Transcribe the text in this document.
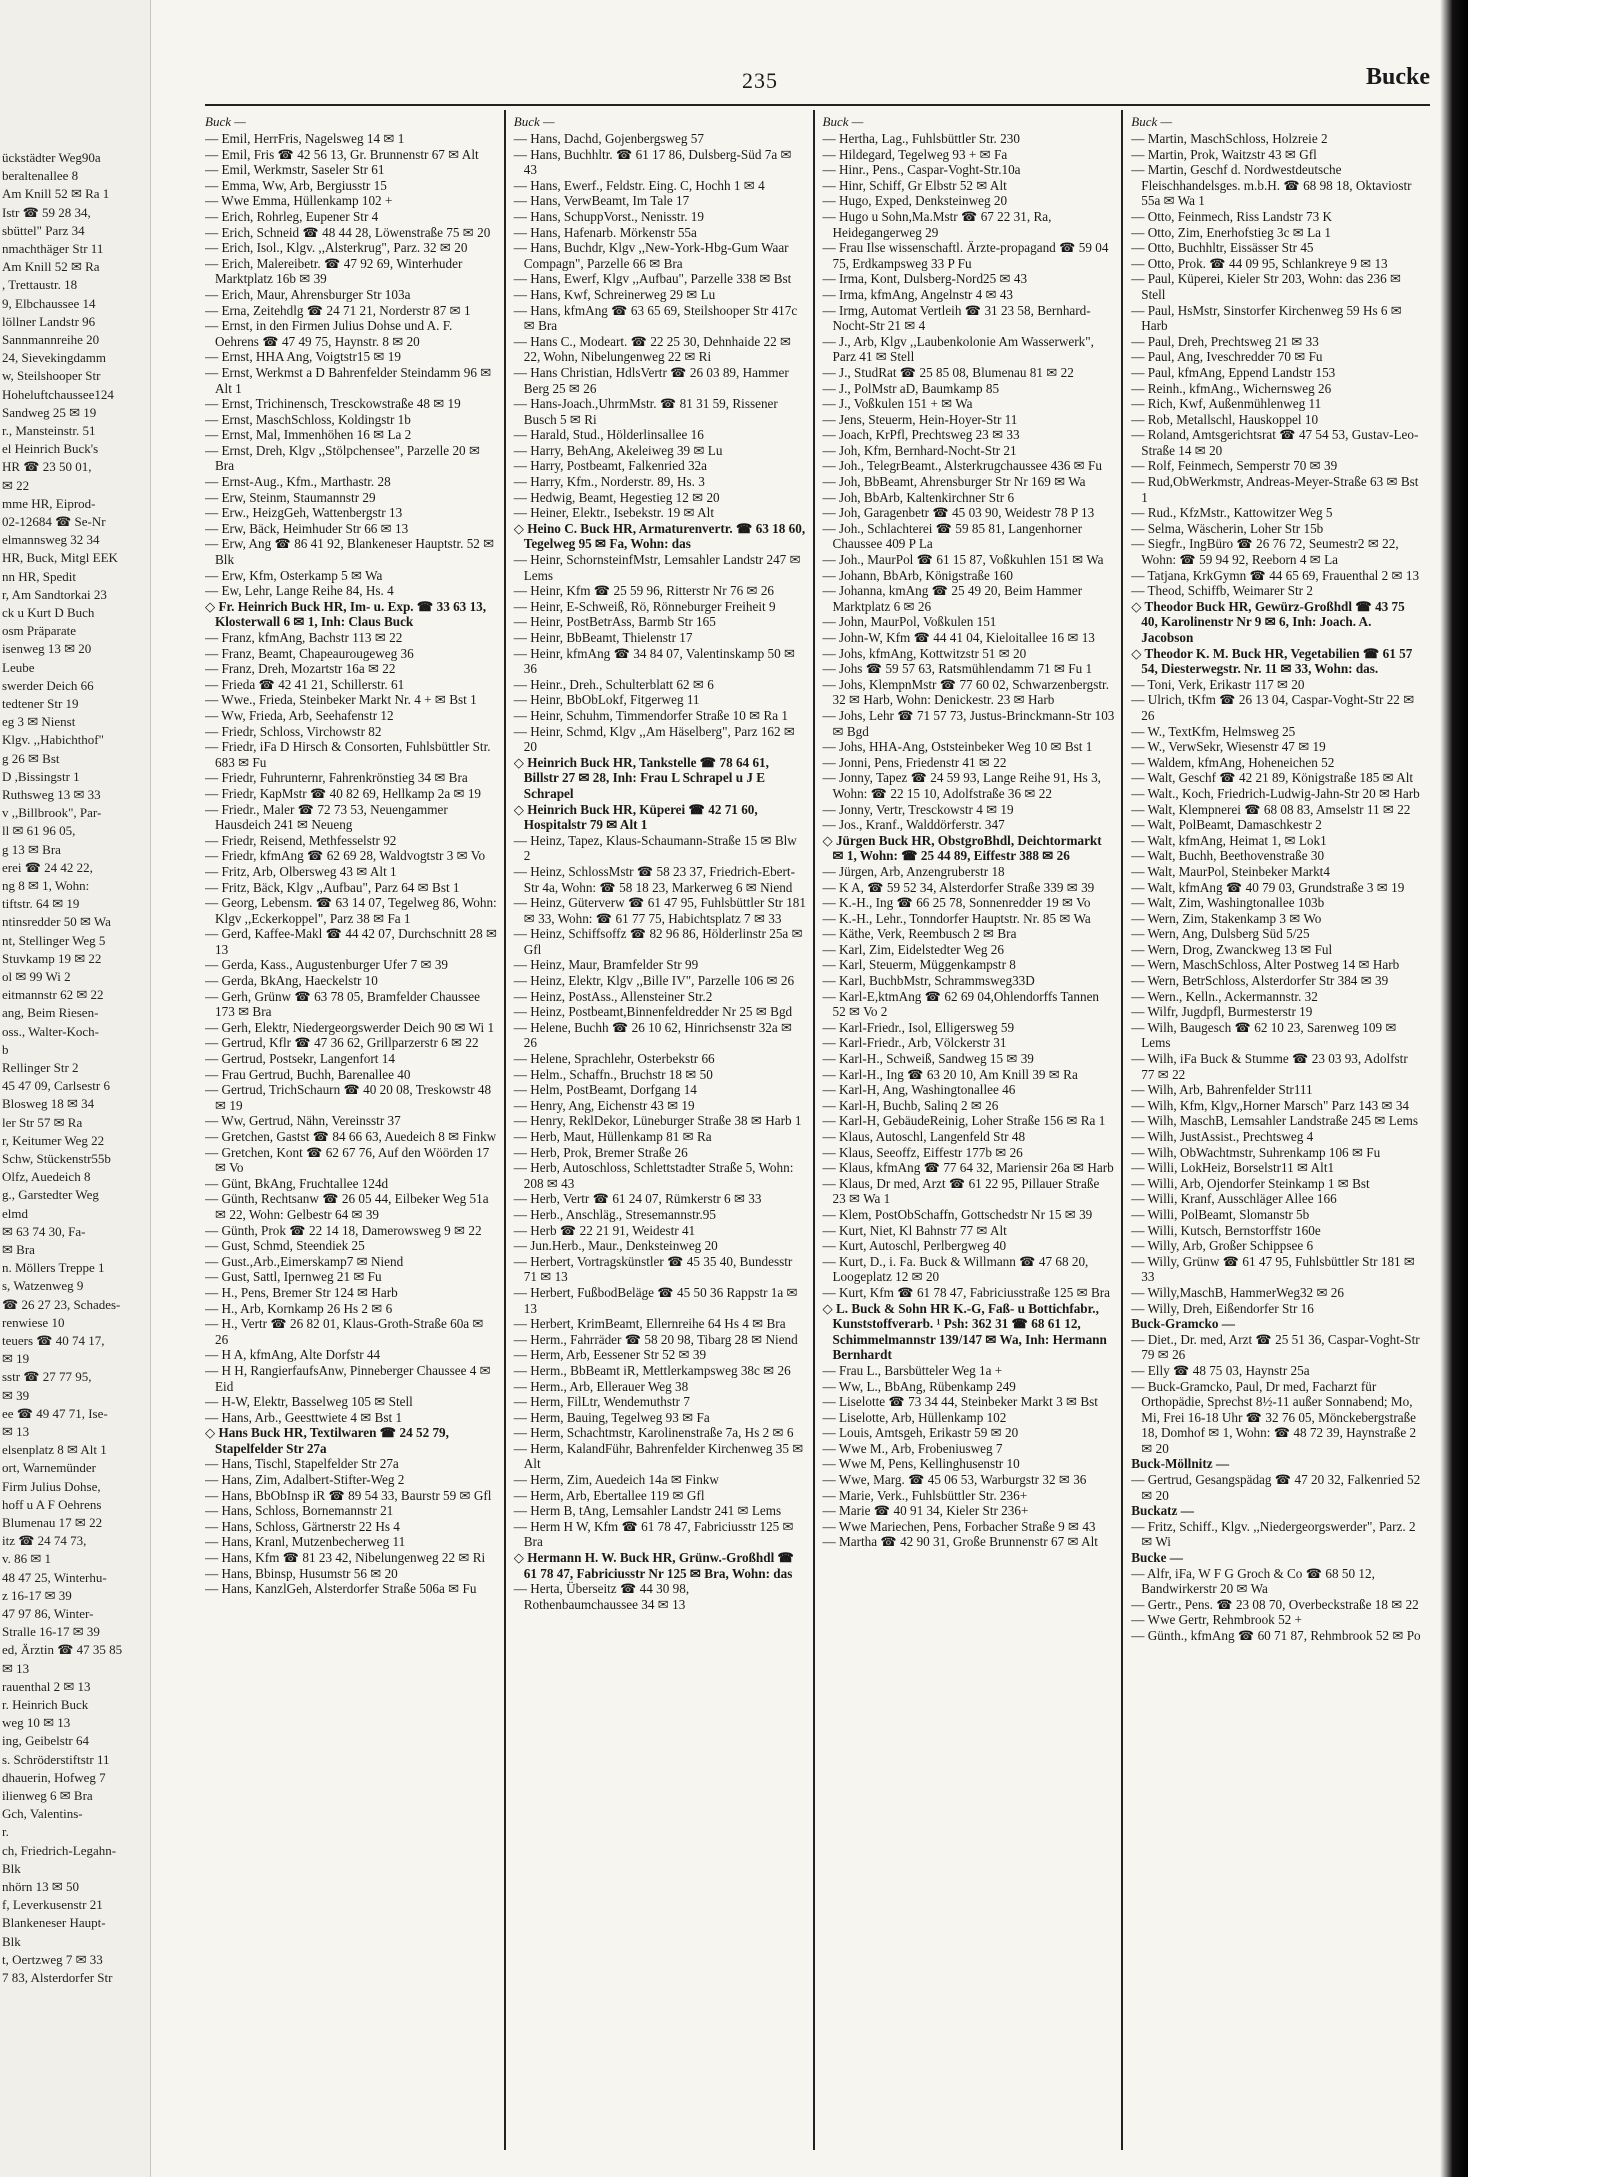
ückstädter Weg90a
beraltenallee 8
Am Knill 52 ✉ Ra 1
Istr ☎ 59 28 34,
sbüttel" Parz 34
nmachthäger Str 11
Am Knill 52 ✉ Ra
, Trettaustr. 18
9, Elbchaussee 14
löllner Landstr 96
Sannmannreihe 20
24, Sievekingdamm
w, Steilshooper Str
Hoheluftchaussee124
Sandweg 25 ✉ 19
r., Mansteinstr. 51
el Heinrich Buck's
HR ☎ 23 50 01,
✉ 22
mme HR, Eiprod-
02-12684 ☎ Se-Nr
elmannsweg 32 34
HR, Buck, Mitgl EEK
nn HR, Spedit
r, Am Sandtorkai 23
ck u Kurt D Buch
osm Präparate
isenweg 13 ✉ 20
Leube
swerder Deich 66
tedtener Str 19
eg 3 ✉ Nienst
Klgv. ,,Habichthof"
g 26 ✉ Bst
D ,Bissingstr 1
Ruthsweg 13 ✉ 33
v ,,Billbrook", Par-
ll ✉ 61 96 05,
g 13 ✉ Bra
erei ☎ 24 42 22,
ng 8 ✉ 1, Wohn:
tiftstr. 64 ✉ 19
ntinsredder 50 ✉ Wa
nt, Stellinger Weg 5
Stuvkamp 19 ✉ 22
ol ✉ 99 Wi 2
eitmannstr 62 ✉ 22
ang, Beim Riesen-
oss., Walter-Koch-
b
Rellinger Str 2
45 47 09, Carlsestr 6
Blosweg 18 ✉ 34
ler Str 57 ✉ Ra
r, Keitumer Weg 22
Schw, Stückenstr55b
Olfz, Auedeich 8
g., Garstedter Weg
elmd
✉ 63 74 30, Fa-
✉ Bra
n. Möllers Treppe 1
s, Watzenweg 9
☎ 26 27 23, Schades-
renwiese 10
teuers ☎ 40 74 17,
✉ 19
sstr ☎ 27 77 95,
✉ 39
ee ☎ 49 47 71, Ise-
✉ 13
elsenplatz 8 ✉ Alt 1
ort, Warnemünder
Firm Julius Dohse,
hoff u A F Oehrens
Blumenau 17 ✉ 22
itz ☎ 24 74 73,
v. 86 ✉ 1
48 47 25, Winterhu-
z 16-17 ✉ 39
47 97 86, Winter-
Stralle 16-17 ✉ 39
ed, Ärztin ☎ 47 35 85
✉ 13
rauenthal 2 ✉ 13
r. Heinrich Buck
weg 10 ✉ 13
ing, Geibelstr 64
s. Schröderstiftstr 11
dhauerin, Hofweg 7
ilienweg 6 ✉ Bra
Gch, Valentins-
r.
ch, Friedrich-Legahn-
Blk
nhörn 13 ✉ 50
f, Leverkusenstr 21
Blankeneser Haupt-
Blk
t, Oertzweg 7 ✉ 33
7 83, Alsterdorfer Str
235	Bucke
Buck —

— Emil, HerrFris, Nagelsweg 14 ✉ 1

— Emil, Fris ☎ 42 56 13, Gr. Brunnenstr 67 ✉ Alt

— Emil, Werkmstr, Saseler Str 61

— Emma, Ww, Arb, Bergiusstr 15

— Wwe Emma, Hüllenkamp 102 +

— Erich, Rohrleg, Eupener Str 4

— Erich, Schneid ☎ 48 44 28, Löwenstraße 75 ✉ 20

— Erich, Isol., Klgv. ,,Alsterkrug", Parz. 32 ✉ 20

— Erich, Malereibetr. ☎ 47 92 69, Winterhuder Marktplatz 16b ✉ 39

— Erich, Maur, Ahrensburger Str 103a

— Erna, Zeitehdlg ☎ 24 71 21, Norderstr 87 ✉ 1

— Ernst, in den Firmen Julius Dohse und A. F. Oehrens ☎ 47 49 75, Haynstr. 8 ✉ 20

— Ernst, HHA Ang, Voigtstr15 ✉ 19

— Ernst, Werkmst a D Bahrenfelder Steindamm 96 ✉ Alt 1

— Ernst, Trichinensch, Tresckowstraße 48 ✉ 19

— Ernst, MaschSchloss, Koldingstr 1b

— Ernst, Mal, Immenhöhen 16 ✉ La 2

— Ernst, Dreh, Klgv ,,Stölpchensee", Parzelle 20 ✉ Bra

— Ernst-Aug., Kfm., Marthastr. 28

— Erw, Steinm, Staumannstr 29

— Erw., HeizgGeh, Wattenbergstr 13

— Erw, Bäck, Heimhuder Str 66 ✉ 13

— Erw, Ang ☎ 86 41 92, Blankeneser Hauptstr. 52 ✉ Blk

— Erw, Kfm, Osterkamp 5 ✉ Wa

— Ew, Lehr, Lange Reihe 84, Hs. 4

◇ Fr. Heinrich Buck HR, Im- u. Exp. ☎ 33 63 13, Klosterwall 6 ✉ 1, Inh: Claus Buck

— Franz, kfmAng, Bachstr 113 ✉ 22

— Franz, Beamt, Chapeaurougeweg 36

— Franz, Dreh, Mozartstr 16a ✉ 22

— Frieda ☎ 42 41 21, Schillerstr. 61

— Wwe., Frieda, Steinbeker Markt Nr. 4 + ✉ Bst 1

— Ww, Frieda, Arb, Seehafenstr 12

— Friedr, Schloss, Virchowstr 82

— Friedr, iFa D Hirsch & Consorten, Fuhlsbüttler Str. 683 ✉ Fu

— Friedr, Fuhrunternr, Fahrenkrönstieg 34 ✉ Bra

— Friedr, KapMstr ☎ 40 82 69, Hellkamp 2a ✉ 19

— Friedr., Maler ☎ 72 73 53, Neuengammer Hausdeich 241 ✉ Neueng

— Friedr, Reisend, Methfesselstr 92

— Friedr, kfmAng ☎ 62 69 28, Waldvogtstr 3 ✉ Vo

— Fritz, Arb, Olbersweg 43 ✉ Alt 1

— Fritz, Bäck, Klgv ,,Aufbau", Parz 64 ✉ Bst 1

— Georg, Lebensm. ☎ 63 14 07, Tegelweg 86, Wohn: Klgv ,,Eckerkoppel", Parz 38 ✉ Fa 1

— Gerd, Kaffee-Makl ☎ 44 42 07, Durchschnitt 28 ✉ 13

— Gerda, Kass., Augustenburger Ufer 7 ✉ 39

— Gerda, BkAng, Haeckelstr 10

— Gerh, Grünw ☎ 63 78 05, Bramfelder Chaussee 173 ✉ Bra

— Gerh, Elektr, Niedergeorgswerder Deich 90 ✉ Wi 1

— Gertrud, Kflr ☎ 47 36 62, Grillparzerstr 6 ✉ 22

— Gertrud, Postsekr, Langenfort 14

— Frau Gertrud, Buchh, Barenallee 40

— Gertrud, TrichSchaurn ☎ 40 20 08, Treskowstr 48 ✉ 19

— Ww, Gertrud, Nähn, Vereinsstr 37

— Gretchen, Gastst ☎ 84 66 63, Auedeich 8 ✉ Finkw

— Gretchen, Kont ☎ 62 67 76, Auf den Wöörden 17 ✉ Vo

— Günt, BkAng, Fruchtallee 124d

— Günth, Rechtsanw ☎ 26 05 44, Eilbeker Weg 51a ✉ 22, Wohn: Gelbestr 64 ✉ 39

— Günth, Prok ☎ 22 14 18, Damerowsweg 9 ✉ 22

— Gust, Schmd, Steendiek 25

— Gust.,Arb.,Eimerskamp7 ✉ Niend

— Gust, Sattl, Ipernweg 21 ✉ Fu

— H., Pens, Bremer Str 124 ✉ Harb

— H., Arb, Kornkamp 26 Hs 2 ✉ 6

— H., Vertr ☎ 26 82 01, Klaus-Groth-Straße 60a ✉ 26

— H A, kfmAng, Alte Dorfstr 44

— H H, RangierfaufsAnw, Pinneberger Chaussee 4 ✉ Eid

— H-W, Elektr, Basselweg 105 ✉ Stell

— Hans, Arb., Geesttwiete 4 ✉ Bst 1

◇ Hans Buck HR, Textilwaren ☎ 24 52 79, Stapelfelder Str 27a

— Hans, Tischl, Stapelfelder Str 27a

— Hans, Zim, Adalbert-Stifter-Weg 2

— Hans, BbObInsp iR ☎ 89 54 33, Baurstr 59 ✉ Gfl

— Hans, Schloss, Bornemannstr 21

— Hans, Schloss, Gärtnerstr 22 Hs 4

— Hans, Kranl, Mutzenbecherweg 11

— Hans, Kfm ☎ 81 23 42, Nibelungenweg 22 ✉ Ri

— Hans, Bbinsp, Husumstr 56 ✉ 20

— Hans, KanzlGeh, Alsterdorfer Straße 506a ✉ Fu

Buck —

— Hans, Dachd, Gojenbergsweg 57

— Hans, Buchhltr. ☎ 61 17 86, Dulsberg-Süd 7a ✉ 43

— Hans, Ewerf., Feldstr. Eing. C, Hochh 1 ✉ 4

— Hans, VerwBeamt, Im Tale 17

— Hans, SchuppVorst., Nenisstr. 19

— Hans, Hafenarb. Mörkenstr 55a

— Hans, Buchdr, Klgv ,,New-York-Hbg-Gum Waar Compagn", Parzelle 66 ✉ Bra

— Hans, Ewerf, Klgv ,,Aufbau", Parzelle 338 ✉ Bst

— Hans, Kwf, Schreinerweg 29 ✉ Lu

— Hans, kfmAng ☎ 63 65 69, Steilshooper Str 417c ✉ Bra

— Hans C., Modeart. ☎ 22 25 30, Dehnhaide 22 ✉ 22, Wohn, Nibelungenweg 22 ✉ Ri

— Hans Christian, HdlsVertr ☎ 26 03 89, Hammer Berg 25 ✉ 26

— Hans-Joach.,UhrmMstr. ☎ 81 31 59, Rissener Busch 5 ✉ Ri

— Harald, Stud., Hölderlinsallee 16

— Harry, BehAng, Akeleiweg 39 ✉ Lu

— Harry, Postbeamt, Falkenried 32a

— Harry, Kfm., Norderstr. 89, Hs. 3

— Hedwig, Beamt, Hegestieg 12 ✉ 20

— Heiner, Elektr., Isebekstr. 19 ✉ Alt

◇ Heino C. Buck HR, Armaturenvertr. ☎ 63 18 60, Tegelweg 95 ✉ Fa, Wohn: das

— Heinr, SchornsteinfMstr, Lemsahler Landstr 247 ✉ Lems

— Heinr, Kfm ☎ 25 59 96, Ritterstr Nr 76 ✉ 26

— Heinr, E-Schweiß, Rö, Rönneburger Freiheit 9

— Heinr, PostBetrAss, Barmb Str 165

— Heinr, BbBeamt, Thielenstr 17

— Heinr, kfmAng ☎ 34 84 07, Valentinskamp 50 ✉ 36

— Heinr., Dreh., Schulterblatt 62 ✉ 6

— Heinr, BbObLokf, Fitgerweg 11

— Heinr, Schuhm, Timmendorfer Straße 10 ✉ Ra 1

— Heinr, Schmd, Klgv ,,Am Häselberg", Parz 162 ✉ 20

◇ Heinrich Buck HR, Tankstelle ☎ 78 64 61, Billstr 27 ✉ 28, Inh: Frau L Schrapel u J E Schrapel

◇ Heinrich Buck HR, Küperei ☎ 42 71 60, Hospitalstr 79 ✉ Alt 1

— Heinz, Tapez, Klaus-Schaumann-Straße 15 ✉ Blw 2

— Heinz, SchlossMstr ☎ 58 23 37, Friedrich-Ebert-Str 4a, Wohn: ☎ 58 18 23, Markerweg 6 ✉ Niend

— Heinz, Güterverw ☎ 61 47 95, Fuhlsbüttler Str 181 ✉ 33, Wohn: ☎ 61 77 75, Habichtsplatz 7 ✉ 33

— Heinz, Schiffsoffz ☎ 82 96 86, Hölderlinstr 25a ✉ Gfl

— Heinz, Maur, Bramfelder Str 99

— Heinz, Elektr, Klgv ,,Bille IV", Parzelle 106 ✉ 26

— Heinz, PostAss., Allensteiner Str.2

— Heinz, Postbeamt,Binnenfeldredder Nr 25 ✉ Bgd

— Helene, Buchh ☎ 26 10 62, Hinrichsenstr 32a ✉ 26

— Helene, Sprachlehr, Osterbekstr 66

— Helm., Schaffn., Bruchstr 18 ✉ 50

— Helm, PostBeamt, Dorfgang 14

— Henry, Ang, Eichenstr 43 ✉ 19

— Henry, ReklDekor, Lüneburger Straße 38 ✉ Harb 1

— Herb, Maut, Hüllenkamp 81 ✉ Ra

— Herb, Prok, Bremer Straße 26

— Herb, Autoschloss, Schlettstadter Straße 5, Wohn: 208 ✉ 43

— Herb, Vertr ☎ 61 24 07, Rümkerstr 6 ✉ 33

— Herb., Anschläg., Stresemannstr.95

— Herb ☎ 22 21 91, Weidestr 41

— Jun.Herb., Maur., Denksteinweg 20

— Herbert, Vortragskünstler ☎ 45 35 40, Bundesstr 71 ✉ 13

— Herbert, FußbodBeläge ☎ 45 50 36 Rappstr 1a ✉ 13

— Herbert, KrimBeamt, Ellernreihe 64 Hs 4 ✉ Bra

— Herm., Fahrräder ☎ 58 20 98, Tibarg 28 ✉ Niend

— Herm, Arb, Eessener Str 52 ✉ 39

— Herm., BbBeamt iR, Mettlerkampsweg 38c ✉ 26

— Herm., Arb, Ellerauer Weg 38

— Herm, FilLtr, Wendemuthstr 7

— Herm, Bauing, Tegelweg 93 ✉ Fa

— Herm, Schachtmstr, Karolinenstraße 7a, Hs 2 ✉ 6

— Herm, KalandFühr, Bahrenfelder Kirchenweg 35 ✉ Alt

— Herm, Zim, Auedeich 14a ✉ Finkw

— Herm, Arb, Ebertallee 119 ✉ Gfl

— Herm B, tAng, Lemsahler Landstr 241 ✉ Lems

— Herm H W, Kfm ☎ 61 78 47, Fabriciusstr 125 ✉ Bra

◇ Hermann H. W. Buck HR, Grünw.-Großhdl ☎ 61 78 47, Fabriciusstr Nr 125 ✉ Bra, Wohn: das

— Herta, Überseitz ☎ 44 30 98, Rothenbaumchaussee 34 ✉ 13

Buck —

— Hertha, Lag., Fuhlsbüttler Str. 230

— Hildegard, Tegelweg 93 + ✉ Fa

— Hinr., Pens., Caspar-Voght-Str.10a

— Hinr, Schiff, Gr Elbstr 52 ✉ Alt

— Hugo, Exped, Denksteinweg 20

— Hugo u Sohn,Ma.Mstr ☎ 67 22 31, Ra, Heidegangerweg 29

— Frau Ilse wissenschaftl. Ärzte-propagand ☎ 59 04 75, Erdkampsweg 33 P Fu

— Irma, Kont, Dulsberg-Nord25 ✉ 43

— Irma, kfmAng, Angelnstr 4 ✉ 43

— Irmg, Automat Vertleih ☎ 31 23 58, Bernhard-Nocht-Str 21 ✉ 4

— J., Arb, Klgv ,,Laubenkolonie Am Wasserwerk", Parz 41 ✉ Stell

— J., StudRat ☎ 25 85 08, Blumenau 81 ✉ 22

— J., PolMstr aD, Baumkamp 85

— J., Voßkulen 151 + ✉ Wa

— Jens, Steuerm, Hein-Hoyer-Str 11

— Joach, KrPfl, Prechtsweg 23 ✉ 33

— Joh, Kfm, Bernhard-Nocht-Str 21

— Joh., TelegrBeamt., Alsterkrugchaussee 436 ✉ Fu

— Joh, BbBeamt, Ahrensburger Str Nr 169 ✉ Wa

— Joh, BbArb, Kaltenkirchner Str 6

— Joh, Garagenbetr ☎ 45 03 90, Weidestr 78 P 13

— Joh., Schlachterei ☎ 59 85 81, Langenhorner Chaussee 409 P La

— Joh., MaurPol ☎ 61 15 87, Voßkuhlen 151 ✉ Wa

— Johann, BbArb, Königstraße 160

— Johanna, kmAng ☎ 25 49 20, Beim Hammer Marktplatz 6 ✉ 26

— John, MaurPol, Voßkulen 151

— John-W, Kfm ☎ 44 41 04, Kieloitallee 16 ✉ 13

— Johs, kfmAng, Kottwitzstr 51 ✉ 20

— Johs ☎ 59 57 63, Ratsmühlendamm 71 ✉ Fu 1

— Johs, KlempnMstr ☎ 77 60 02, Schwarzenbergstr. 32 ✉ Harb, Wohn: Denickestr. 23 ✉ Harb

— Johs, Lehr ☎ 71 57 73, Justus-Brinckmann-Str 103 ✉ Bgd

— Johs, HHA-Ang, Oststeinbeker Weg 10 ✉ Bst 1

— Jonni, Pens, Friedenstr 41 ✉ 22

— Jonny, Tapez ☎ 24 59 93, Lange Reihe 91, Hs 3, Wohn: ☎ 22 15 10, Adolfstraße 36 ✉ 22

— Jonny, Vertr, Tresckowstr 4 ✉ 19

— Jos., Kranf., Walddörferstr. 347

◇ Jürgen Buck HR, ObstgroBhdl, Deichtormarkt ✉ 1, Wohn: ☎ 25 44 89, Eiffestr 388 ✉ 26

— Jürgen, Arb, Anzengruberstr 18

— K A, ☎ 59 52 34, Alsterdorfer Straße 339 ✉ 39

— K.-H., Ing ☎ 66 25 78, Sonnenredder 19 ✉ Vo

— K.-H., Lehr., Tonndorfer Hauptstr. Nr. 85 ✉ Wa

— Käthe, Verk, Reembusch 2 ✉ Bra

— Karl, Zim, Eidelstedter Weg 26

— Karl, Steuerm, Müggenkampstr 8

— Karl, BuchbMstr, Schrammsweg33D

— Karl-E,ktmAng ☎ 62 69 04,Ohlendorffs Tannen 52 ✉ Vo 2

— Karl-Friedr., Isol, Elligersweg 59

— Karl-Friedr., Arb, Völckerstr 31

— Karl-H., Schweiß, Sandweg 15 ✉ 39

— Karl-H., Ing ☎ 63 20 10, Am Knill 39 ✉ Ra

— Karl-H, Ang, Washingtonallee 46

— Karl-H, Buchb, Salinq 2 ✉ 26

— Karl-H, GebäudeReinig, Loher Straße 156 ✉ Ra 1

— Klaus, Autoschl, Langenfeld Str 48

— Klaus, Seeoffz, Eiffestr 177b ✉ 26

— Klaus, kfmAng ☎ 77 64 32, Mariensir 26a ✉ Harb

— Klaus, Dr med, Arzt ☎ 61 22 95, Pillauer Straße 23 ✉ Wa 1

— Klem, PostObSchaffn, Gottschedstr Nr 15 ✉ 39

— Kurt, Niet, Kl Bahnstr 77 ✉ Alt

— Kurt, Autoschl, Perlbergweg 40

— Kurt, D., i. Fa. Buck & Willmann ☎ 47 68 20, Loogeplatz 12 ✉ 20

— Kurt, Kfm ☎ 61 78 47, Fabriciusstraße 125 ✉ Bra

◇ L. Buck & Sohn HR K.-G, Faß- u Bottichfabr., Kunststoffverarb. ¹ Psh: 362 31 ☎ 68 61 12, Schimmelmannstr 139/147 ✉ Wa, Inh: Hermann Bernhardt

— Frau L., Barsbütteler Weg 1a +

— Ww, L., BbAng, Rübenkamp 249

— Liselotte ☎ 73 34 44, Steinbeker Markt 3 ✉ Bst

— Liselotte, Arb, Hüllenkamp 102

— Louis, Amtsgeh, Erikastr 59 ✉ 20

— Wwe M., Arb, Frobeniusweg 7

— Wwe M, Pens, Kellinghusenstr 10

— Wwe, Marg. ☎ 45 06 53, Warburgstr 32 ✉ 36

— Marie, Verk., Fuhlsbüttler Str. 236+

— Marie ☎ 40 91 34, Kieler Str 236+

— Wwe Mariechen, Pens, Forbacher Straße 9 ✉ 43

— Martha ☎ 42 90 31, Große Brunnenstr 67 ✉ Alt

Buck —

— Martin, MaschSchloss, Holzreie 2

— Martin, Prok, Waitzstr 43 ✉ Gfl

— Martin, Geschf d. Nordwestdeutsche Fleischhandelsges. m.b.H. ☎ 68 98 18, Oktaviostr 55a ✉ Wa 1

— Otto, Feinmech, Riss Landstr 73 K

— Otto, Zim, Enerhofstieg 3c ✉ La 1

— Otto, Buchhltr, Eissässer Str 45

— Otto, Prok. ☎ 44 09 95, Schlankreye 9 ✉ 13

— Paul, Küperei, Kieler Str 203, Wohn: das 236 ✉ Stell

— Paul, HsMstr, Sinstorfer Kirchenweg 59 Hs 6 ✉ Harb

— Paul, Dreh, Prechtsweg 21 ✉ 33

— Paul, Ang, Iveschredder 70 ✉ Fu

— Paul, kfmAng, Eppend Landstr 153

— Reinh., kfmAng., Wichernsweg 26

— Rich, Kwf, Außenmühlenweg 11

— Rob, Metallschl, Hauskoppel 10

— Roland, Amtsgerichtsrat ☎ 47 54 53, Gustav-Leo-Straße 14 ✉ 20

— Rolf, Feinmech, Semperstr 70 ✉ 39

— Rud,ObWerkmstr, Andreas-Meyer-Straße 63 ✉ Bst 1

— Rud., KfzMstr., Kattowitzer Weg 5

— Selma, Wäscherin, Loher Str 15b

— Siegfr., IngBüro ☎ 26 76 72, Seumestr2 ✉ 22, Wohn: ☎ 59 94 92, Reeborn 4 ✉ La

— Tatjana, KrkGymn ☎ 44 65 69, Frauenthal 2 ✉ 13

— Theod, Schiffb, Weimarer Str 2

◇ Theodor Buck HR, Gewürz-Großhdl ☎ 43 75 40, Karolinenstr Nr 9 ✉ 6, Inh: Joach. A. Jacobson

◇ Theodor K. M. Buck HR, Vegetabilien ☎ 61 57 54, Diesterwegstr. Nr. 11 ✉ 33, Wohn: das.

— Toni, Verk, Erikastr 117 ✉ 20

— Ulrich, tKfm ☎ 26 13 04, Caspar-Voght-Str 22 ✉ 26

— W., TextKfm, Helmsweg 25

— W., VerwSekr, Wiesenstr 47 ✉ 19

— Waldem, kfmAng, Hoheneichen 52

— Walt, Geschf ☎ 42 21 89, Königstraße 185 ✉ Alt

— Walt., Koch, Friedrich-Ludwig-Jahn-Str 20 ✉ Harb

— Walt, Klempnerei ☎ 68 08 83, Amselstr 11 ✉ 22

— Walt, PolBeamt, Damaschkestr 2

— Walt, kfmAng, Heimat 1, ✉ Lok1

— Walt, Buchh, Beethovenstraße 30

— Walt, MaurPol, Steinbeker Markt4

— Walt, kfmAng ☎ 40 79 03, Grundstraße 3 ✉ 19

— Walt, Zim, Washingtonallee 103b

— Wern, Zim, Stakenkamp 3 ✉ Wo

— Wern, Ang, Dulsberg Süd 5/25

— Wern, Drog, Zwanckweg 13 ✉ Ful

— Wern, MaschSchloss, Alter Postweg 14 ✉ Harb

— Wern, BetrSchloss, Alsterdorfer Str 384 ✉ 39

— Wern., Kelln., Ackermannstr. 32

— Wilfr, Jugdpfl, Burmesterstr 19

— Wilh, Baugesch ☎ 62 10 23, Sarenweg 109 ✉ Lems

— Wilh, iFa Buck & Stumme ☎ 23 03 93, Adolfstr 77 ✉ 22

— Wilh, Arb, Bahrenfelder Str111

— Wilh, Kfm, Klgv,,Horner Marsch" Parz 143 ✉ 34

— Wilh, MaschB, Lemsahler Landstraße 245 ✉ Lems

— Wilh, JustAssist., Prechtsweg 4

— Wilh, ObWachtmstr, Suhrenkamp 106 ✉ Fu

— Willi, LokHeiz, Borselstr11 ✉ Alt1

— Willi, Arb, Ojendorfer Steinkamp 1 ✉ Bst

— Willi, Kranf, Ausschläger Allee 166

— Willi, PolBeamt, Slomanstr 5b

— Willi, Kutsch, Bernstorffstr 160e

— Willy, Arb, Großer Schippsee 6

— Willy, Grünw ☎ 61 47 95, Fuhlsbüttler Str 181 ✉ 33

— Willy,MaschB, HammerWeg32 ✉ 26

— Willy, Dreh, Eißendorfer Str 16

Buck-Gramcko —

— Diet., Dr. med, Arzt ☎ 25 51 36, Caspar-Voght-Str 79 ✉ 26

— Elly ☎ 48 75 03, Haynstr 25a

— Buck-Gramcko, Paul, Dr med, Facharzt für Orthopädie, Sprechst 8½-11 außer Sonnabend; Mo, Mi, Frei 16-18 Uhr ☎ 32 76 05, Mönckebergstraße 18, Domhof ✉ 1, Wohn: ☎ 48 72 39, Haynstraße 2 ✉ 20

Buck-Möllnitz —

— Gertrud, Gesangspädag ☎ 47 20 32, Falkenried 52 ✉ 20

Buckatz —

— Fritz, Schiff., Klgv. ,,Niedergeorgswerder", Parz. 2 ✉ Wi

Bucke —

— Alfr, iFa, W F G Groch & Co ☎ 68 50 12, Bandwirkerstr 20 ✉ Wa

— Gertr., Pens. ☎ 23 08 70, Overbeckstraße 18 ✉ 22

— Wwe Gertr, Rehmbrook 52 +

— Günth., kfmAng ☎ 60 71 87, Rehmbrook 52 ✉ Po
